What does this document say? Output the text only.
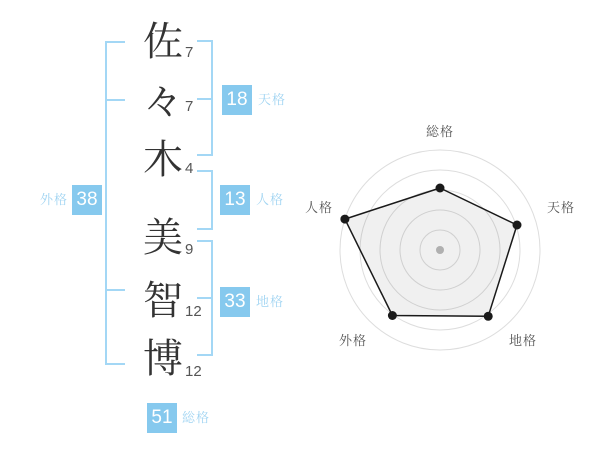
佐
々
木
美
智
博
7
7
4
9
12
12
18 天格
13 人格
33 地格
外格 38
51 総格
総格
天格
地格
外格
人格
